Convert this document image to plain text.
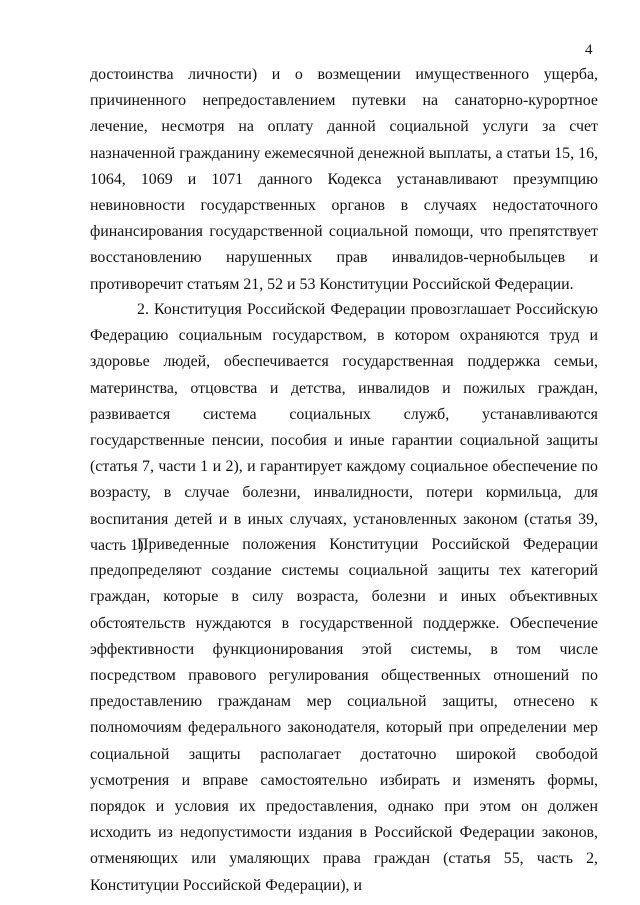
4

достоинства личности) и о возмещении имущественного ущерба, причиненного непредоставлением путевки на санаторно-курортное лечение, несмотря на оплату данной социальной услуги за счет назначенной гражданину ежемесячной денежной выплаты, а статьи 15, 16, 1064, 1069 и 1071 данного Кодекса устанавливают презумпцию невиновности государственных органов в случаях недостаточного финансирования государственной социальной помощи, что препятствует восстановлению нарушенных прав инвалидов-чернобыльцев и противоречит статьям 21, 52 и 53 Конституции Российской Федерации.

2. Конституция Российской Федерации провозглашает Российскую Федерацию социальным государством, в котором охраняются труд и здоровье людей, обеспечивается государственная поддержка семьи, материнства, отцовства и детства, инвалидов и пожилых граждан, развивается система социальных служб, устанавливаются государственные пенсии, пособия и иные гарантии социальной защиты (статья 7, части 1 и 2), и гарантирует каждому социальное обеспечение по возрасту, в случае болезни, инвалидности, потери кормильца, для воспитания детей и в иных случаях, установленных законом (статья 39, часть 1).

Приведенные положения Конституции Российской Федерации предопределяют создание системы социальной защиты тех категорий граждан, которые в силу возраста, болезни и иных объективных обстоятельств нуждаются в государственной поддержке. Обеспечение эффективности функционирования этой системы, в том числе посредством правового регулирования общественных отношений по предоставлению гражданам мер социальной защиты, отнесено к полномочиям федерального законодателя, который при определении мер социальной защиты располагает достаточно широкой свободой усмотрения и вправе самостоятельно избирать и изменять формы, порядок и условия их предоставления, однако при этом он должен исходить из недопустимости издания в Российской Федерации законов, отменяющих или умаляющих права граждан (статья 55, часть 2, Конституции Российской Федерации), и
